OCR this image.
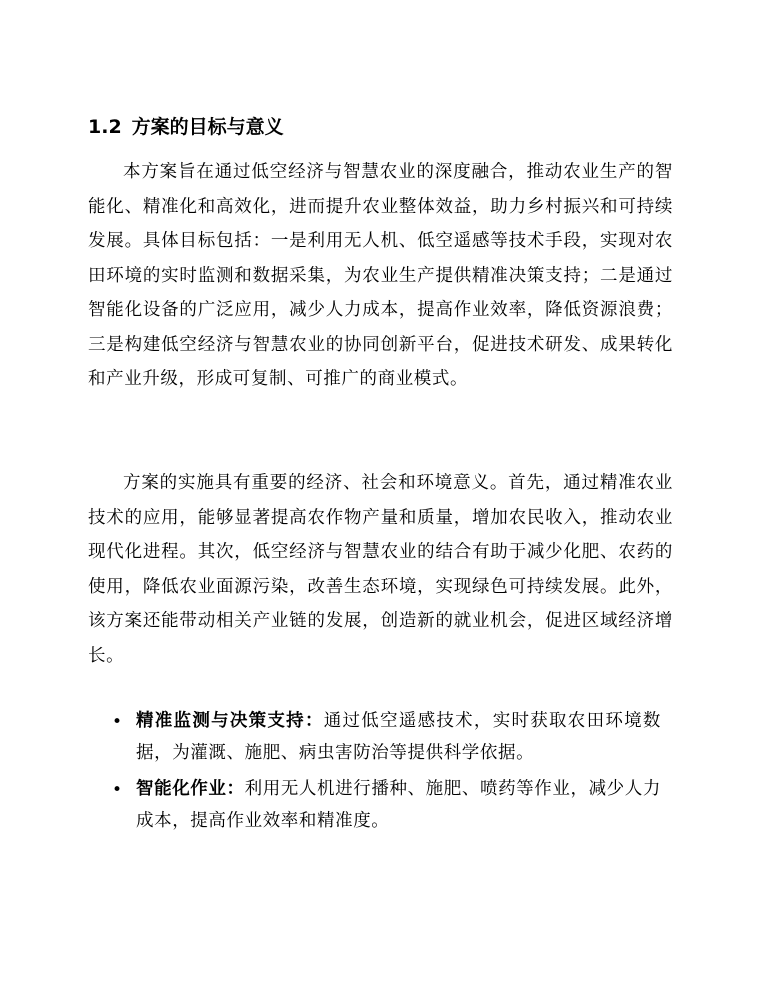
1.2 方案的目标与意义

本方案旨在通过低空经济与智慧农业的深度融合，推动农业生产的智能化、精准化和高效化，进而提升农业整体效益，助力乡村振兴和可持续发展。具体目标包括：一是利用无人机、低空遥感等技术手段，实现对农田环境的实时监测和数据采集，为农业生产提供精准决策支持；二是通过智能化设备的广泛应用，减少人力成本，提高作业效率，降低资源浪费；三是构建低空经济与智慧农业的协同创新平台，促进技术研发、成果转化和产业升级，形成可复制、可推广的商业模式。

方案的实施具有重要的经济、社会和环境意义。首先，通过精准农业技术的应用，能够显著提高农作物产量和质量，增加农民收入，推动农业现代化进程。其次，低空经济与智慧农业的结合有助于减少化肥、农药的使用，降低农业面源污染，改善生态环境，实现绿色可持续发展。此外，该方案还能带动相关产业链的发展，创造新的就业机会，促进区域经济增长。

• 精准监测与决策支持：通过低空遥感技术，实时获取农田环境数据，为灌溉、施肥、病虫害防治等提供科学依据。

• 智能化作业：利用无人机进行播种、施肥、喷药等作业，减少人力成本，提高作业效率和精准度。
